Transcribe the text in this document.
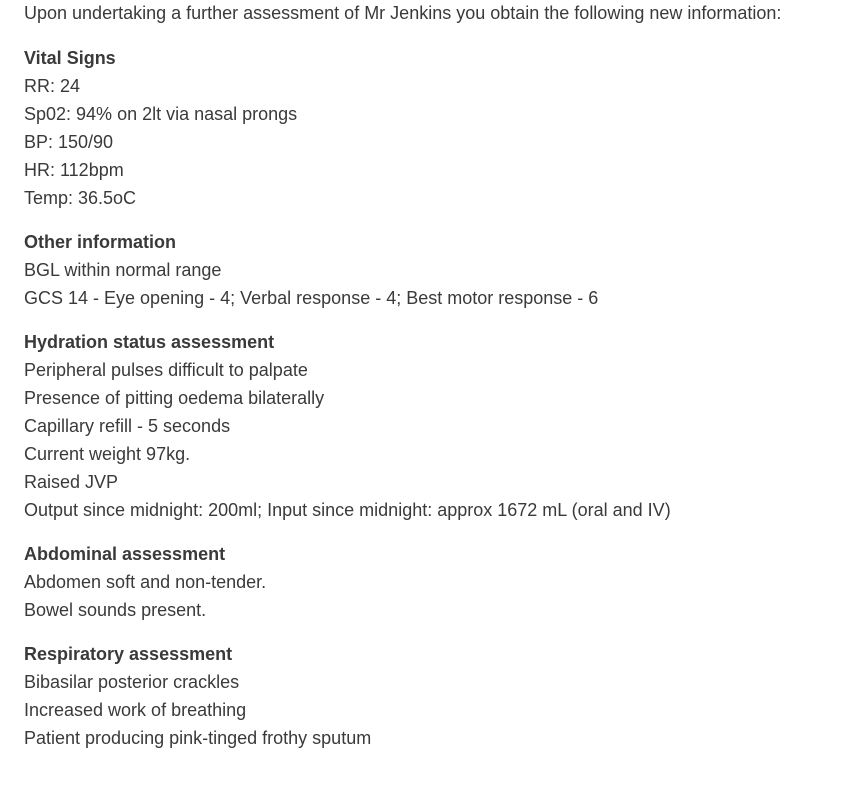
Upon undertaking a further assessment of Mr Jenkins you obtain the following new information:

Vital Signs

RR: 24

Sp02: 94% on 2lt via nasal prongs

BP: 150/90

HR: 112bpm

Temp: 36.5oC

Other information

BGL within normal range

GCS 14 - Eye opening - 4; Verbal response - 4; Best motor response - 6

Hydration status assessment

Peripheral pulses difficult to palpate

Presence of pitting oedema bilaterally

Capillary refill - 5 seconds

Current weight 97kg.

Raised JVP

Output since midnight: 200ml; Input since midnight: approx 1672 mL (oral and IV)

Abdominal assessment

Abdomen soft and non-tender.

Bowel sounds present.

Respiratory assessment

Bibasilar posterior crackles

Increased work of breathing

Patient producing pink-tinged frothy sputum
